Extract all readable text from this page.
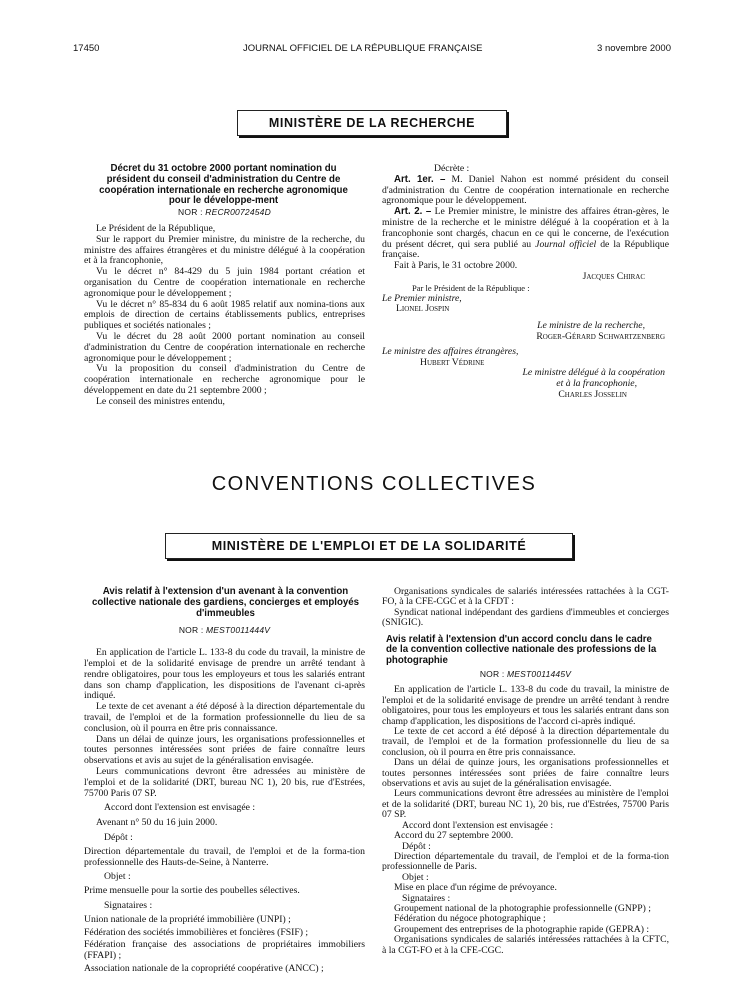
17450	JOURNAL OFFICIEL DE LA RÉPUBLIQUE FRANÇAISE	3 novembre 2000
MINISTÈRE DE LA RECHERCHE

Décret du 31 octobre 2000 portant nomination du président du conseil d'administration du Centre de coopération internationale en recherche agronomique pour le développe-ment

NOR : RECR0072454D

Le Président de la République,

Sur le rapport du Premier ministre, du ministre de la recherche, du ministre des affaires étrangères et du ministre délégué à la coopération et à la francophonie,

Vu le décret n° 84-429 du 5 juin 1984 portant création et organisation du Centre de coopération internationale en recherche agronomique pour le développement ;

Vu le décret n° 85-834 du 6 août 1985 relatif aux nomina-tions aux emplois de direction de certains établissements publics, entreprises publiques et sociétés nationales ;

Vu le décret du 28 août 2000 portant nomination au conseil d'administration du Centre de coopération internationale en recherche agronomique pour le développement ;

Vu la proposition du conseil d'administration du Centre de coopération internationale en recherche agronomique pour le développement en date du 21 septembre 2000 ;

Le conseil des ministres entendu,

Décrète :

Art. 1er. – M. Daniel Nahon est nommé président du conseil d'administration du Centre de coopération internationale en recherche agronomique pour le développement.

Art. 2. – Le Premier ministre, le ministre des affaires étran-gères, le ministre de la recherche et le ministre délégué à la coopération et à la francophonie sont chargés, chacun en ce qui le concerne, de l'exécution du présent décret, qui sera publié au Journal officiel de la République française.

Fait à Paris, le 31 octobre 2000.

Jacques Chirac

Par le Président de la République :

Le Premier ministre,

Lionel Jospin

Le ministre de la recherche,

Roger-Gérard Schwartzenberg

Le ministre des affaires étrangères,

Hubert Védrine

Le ministre délégué à la coopération

et à la francophonie,

Charles Josselin

CONVENTIONS COLLECTIVES
MINISTÈRE DE L'EMPLOI ET DE LA SOLIDARITÉ

Avis relatif à l'extension d'un avenant à la convention collective nationale des gardiens, concierges et employés d'immeubles

NOR : MEST0011444V

En application de l'article L. 133-8 du code du travail, la ministre de l'emploi et de la solidarité envisage de prendre un arrêté tendant à rendre obligatoires, pour tous les employeurs et tous les salariés entrant dans son champ d'application, les dispositions de l'avenant ci-après indiqué.

Le texte de cet avenant a été déposé à la direction départementale du travail, de l'emploi et de la formation professionnelle du lieu de sa conclusion, où il pourra en être pris connaissance.

Dans un délai de quinze jours, les organisations professionnelles et toutes personnes intéressées sont priées de faire connaître leurs observations et avis au sujet de la généralisation envisagée.

Leurs communications devront être adressées au ministère de l'emploi et de la solidarité (DRT, bureau NC 1), 20 bis, rue d'Estrées, 75700 Paris 07 SP.

Accord dont l'extension est envisagée :

Avenant n° 50 du 16 juin 2000.

Dépôt :

Direction départementale du travail, de l'emploi et de la forma-tion professionnelle des Hauts-de-Seine, à Nanterre.

Objet :

Prime mensuelle pour la sortie des poubelles sélectives.

Signataires :

Union nationale de la propriété immobilière (UNPI) ;

Fédération des sociétés immobilières et foncières (FSIF) ;

Fédération française des associations de propriétaires immobiliers (FFAPI) ;

Association nationale de la copropriété coopérative (ANCC) ;

Organisations syndicales de salariés intéressées rattachées à la CGT-FO, à la CFE-CGC et à la CFDT :

Syndicat national indépendant des gardiens d'immeubles et concierges (SNIGIC).

Avis relatif à l'extension d'un accord conclu dans le cadre de la convention collective nationale des professions de la photographie

NOR : MEST0011445V

En application de l'article L. 133-8 du code du travail, la ministre de l'emploi et de la solidarité envisage de prendre un arrêté tendant à rendre obligatoires, pour tous les employeurs et tous les salariés entrant dans son champ d'application, les dispositions de l'accord ci-après indiqué.

Le texte de cet accord a été déposé à la direction départementale du travail, de l'emploi et de la formation professionnelle du lieu de sa conclusion, où il pourra en être pris connaissance.

Dans un délai de quinze jours, les organisations professionnelles et toutes personnes intéressées sont priées de faire connaître leurs observations et avis au sujet de la généralisation envisagée.

Leurs communications devront être adressées au ministère de l'emploi et de la solidarité (DRT, bureau NC 1), 20 bis, rue d'Estrées, 75700 Paris 07 SP.

Accord dont l'extension est envisagée :

Accord du 27 septembre 2000.

Dépôt :

Direction départementale du travail, de l'emploi et de la forma-tion professionnelle de Paris.

Objet :

Mise en place d'un régime de prévoyance.

Signataires :

Groupement national de la photographie professionnelle (GNPP) ;

Fédération du négoce photographique ;

Groupement des entreprises de la photographie rapide (GEPRA) :

Organisations syndicales de salariés intéressées rattachées à la CFTC, à la CGT-FO et à la CFE-CGC.
